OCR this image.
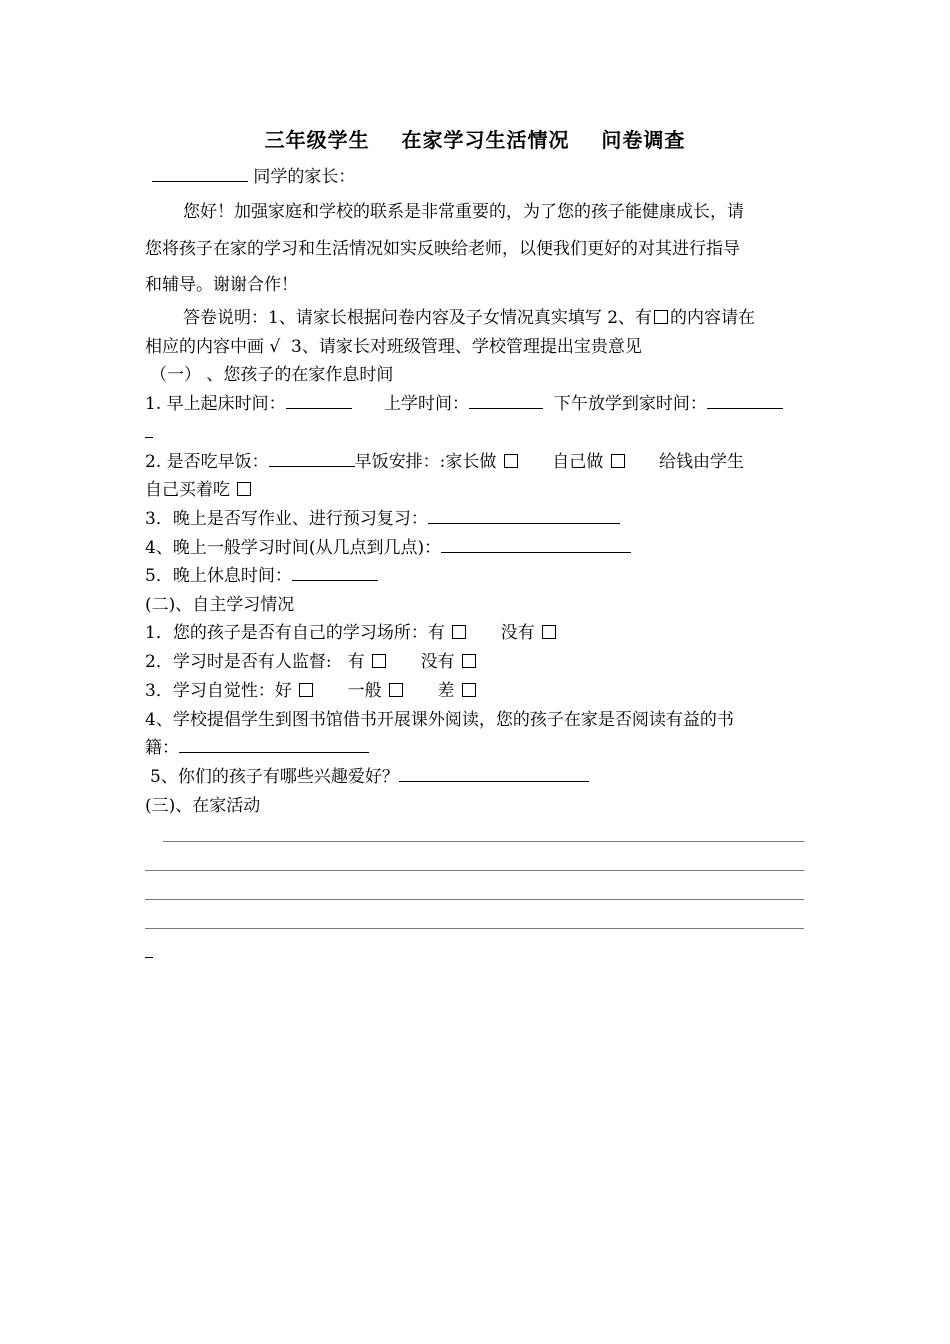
三年级学生    在家学习生活情况    问卷调查
同学的家长：
您好！加强家庭和学校的联系是非常重要的，为了您的孩子能健康成长，请
您将孩子在家的学习和生活情况如实反映给老师，以便我们更好的对其进行指导
和辅导。谢谢合作！
答卷说明：1、请家长根据问卷内容及子女情况真实填写 2、有 的内容请在
相应的内容中画 √  3、请家长对班级管理、学校管理提出宝贵意见
（一） 、您孩子的在家作息时间
1. 早上起床时间：	上学时间：	下午放学到家时间：
2. 是否吃早饭：	早饭安排：:家长做	自己做	给钱由学生
自己买着吃
3．晚上是否写作业、进行预习复习：
4、晚上一般学习时间(从几点到几点)：
5．晚上休息时间：
(二)、自主学习情况
1．您的孩子是否有自己的学习场所：有	没有
2．学习时是否有人监督:   有	没有
3．学习自觉性：好	一般	差
4、学校提倡学生到图书馆借书开展课外阅读，您的孩子在家是否阅读有益的书
籍：
5、你们的孩子有哪些兴趣爱好？
(三)、在家活动
